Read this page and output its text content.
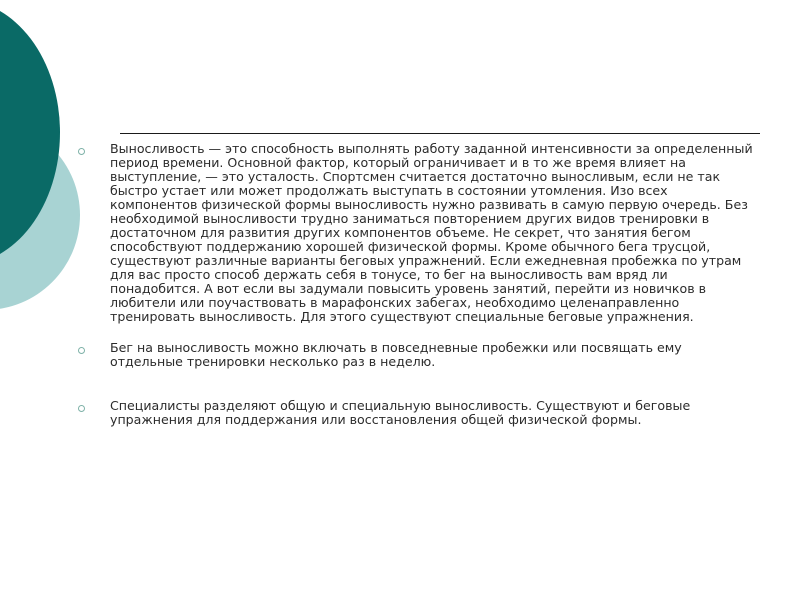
Выносливость — это способность выполнять работу заданной интенсивности за определенный период времени. Основной фактор, который ограничивает и в то же время влияет на выступление, — это усталость. Спортсмен считается достаточно выносливым, если не так быстро устает или может продолжать выступать в состоянии утомления. Изо всех компонентов физической формы выносливость нужно развивать в самую первую очередь. Без необходимой выносливости трудно заниматься повторением других видов тренировки в достаточном для развития других компонентов объеме. Не секрет, что занятия бегом способствуют поддержанию хорошей физической формы. Кроме обычного бега трусцой, существуют различные варианты беговых упражнений. Если ежедневная пробежка по утрам для вас просто способ держать себя в тонусе, то бег на выносливость вам вряд ли понадобится. А вот если вы задумали повысить уровень занятий, перейти из новичков в любители или поучаствовать в марафонских забегах, необходимо целенаправленно тренировать выносливость. Для этого существуют специальные беговые упражнения.
Бег на выносливость можно включать в повседневные пробежки или посвящать ему отдельные тренировки несколько раз в неделю.
Специалисты разделяют общую и специальную выносливость. Существуют и беговые упражнения для поддержания или восстановления общей физической формы.
